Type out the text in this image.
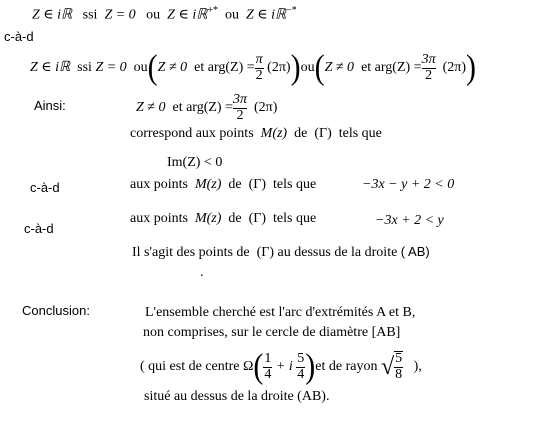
Z ∈ iℝ ssi Z = 0 ou Z ∈ iℝ+* ou Z ∈ iℝ−*
c-à-d
Z ∈ iℝ
ssi
Z = 0
ou ( Z ≠ 0
et
$arg(Z) = \frac{\pi}{2}$
(2π) ) ou ( Z ≠ 0
et
$arg(Z) = \frac{3\pi}{2}$
(2π) )
Ainsi:	Z ≠ 0
et
$arg(Z) = \frac{3\pi}{2}$
(2π)
correspond aux points M(z) de (Γ) tels que
Im(Z) < 0
c-à-d	aux points M(z) de (Γ) tels que	−3x − y + 2 < 0
c-à-d
aux points M(z) de (Γ) tels que	−3x + 2 < y
Il s'agit des points de (Γ) au dessus de la droite ( AB)
.
Conclusion:	L'ensemble cherché est l'arc d'extrémités A et B,
non comprises, sur le cercle de diamètre [AB]
( qui est de centre
Ω ( $\frac{1}{4}$
+ i
$\frac{5}{4}$ ) et de rayon
√ $\frac{5}{8}$
),
situé au dessus de la droite (AB).
